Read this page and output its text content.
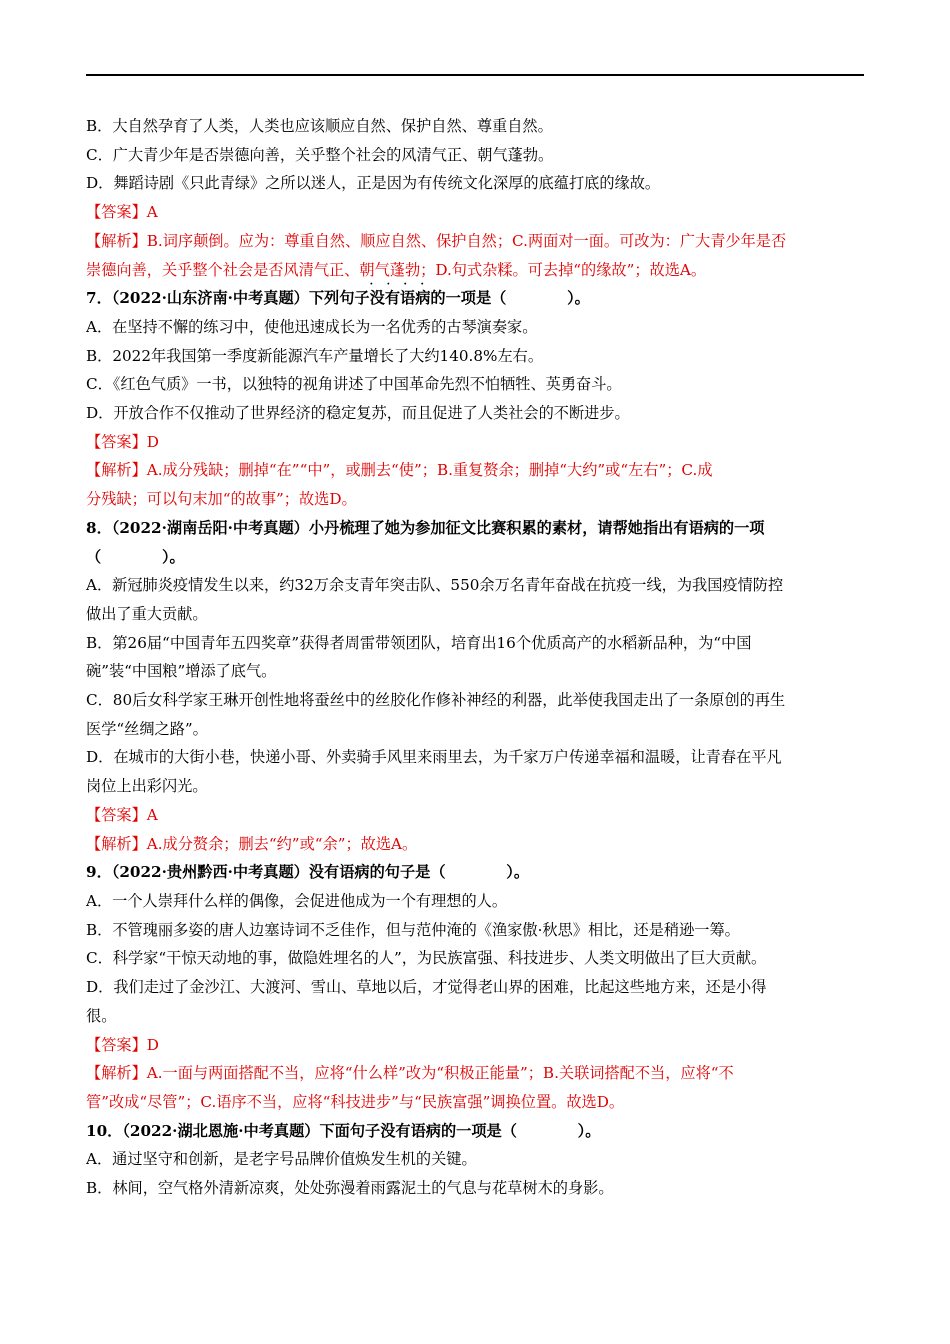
B．大自然孕育了人类，人类也应该顺应自然、保护自然、尊重自然。
C．广大青少年是否崇德向善，关乎整个社会的风清气正、朝气蓬勃。
D．舞蹈诗剧《只此青绿》之所以迷人，正是因为有传统文化深厚的底蕴打底的缘故。
【答案】A
【解析】B.词序颠倒。应为：尊重自然、顺应自然、保护自然；C.两面对一面。可改为：广大青少年是否
崇德向善，关乎整个社会是否风清气正、朝气蓬勃；D.句式杂糅。可去掉“的缘故”；故选A。
7．（2022·山东济南·中考真题）下列句子
· · · ·
没有语病的一项是（　　　　）。
A．在坚持不懈的练习中，使他迅速成长为一名优秀的古琴演奏家。
B．2022年我国第一季度新能源汽车产量增长了大约140.8%左右。
C．《红色气质》一书，以独特的视角讲述了中国革命先烈不怕牺牲、英勇奋斗。
D．开放合作不仅推动了世界经济的稳定复苏，而且促进了人类社会的不断进步。
【答案】D
【解析】A.成分残缺；删掉“在”“中”，或删去“使”；B.重复赘余；删掉“大约”或“左右”；C.成
分残缺；可以句末加“的故事”；故选D。
8．（2022·湖南岳阳·中考真题）小丹梳理了她为参加征文比赛积累的素材，请帮她指出有语病的一项
（　　　　）。
A．新冠肺炎疫情发生以来，约32万余支青年突击队、550余万名青年奋战在抗疫一线，为我国疫情防控
做出了重大贡献。
B．第26届“中国青年五四奖章”获得者周雷带领团队，培育出16个优质高产的水稻新品种，为“中国
碗”装“中国粮”增添了底气。
C．80后女科学家王琳开创性地将蚕丝中的丝胶化作修补神经的利器，此举使我国走出了一条原创的再生
医学“丝绸之路”。
D．在城市的大街小巷，快递小哥、外卖骑手风里来雨里去，为千家万户传递幸福和温暖，让青春在平凡
岗位上出彩闪光。
【答案】A
【解析】A.成分赘余；删去“约”或“余”；故选A。
9．（2022·贵州黔西·中考真题）没有语病的句子是（　　　　）。
A．一个人崇拜什么样的偶像，会促进他成为一个有理想的人。
B．不管瑰丽多姿的唐人边塞诗词不乏佳作，但与范仲淹的《渔家傲·秋思》相比，还是稍逊一筹。
C．科学家“干惊天动地的事，做隐姓埋名的人”，为民族富强、科技进步、人类文明做出了巨大贡献。
D．我们走过了金沙江、大渡河、雪山、草地以后，才觉得老山界的困难，比起这些地方来，还是小得
很。
【答案】D
【解析】A.一面与两面搭配不当，应将“什么样”改为“积极正能量”；B.关联词搭配不当，应将“不
管”改成“尽管”；C.语序不当，应将“科技进步”与“民族富强”调换位置。故选D。
10．（2022·湖北恩施·中考真题）下面句子没有语病的一项是（　　　　）。
A．通过坚守和创新，是老字号品牌价值焕发生机的关键。
B．林间，空气格外清新凉爽，处处弥漫着雨露泥土的气息与花草树木的身影。
